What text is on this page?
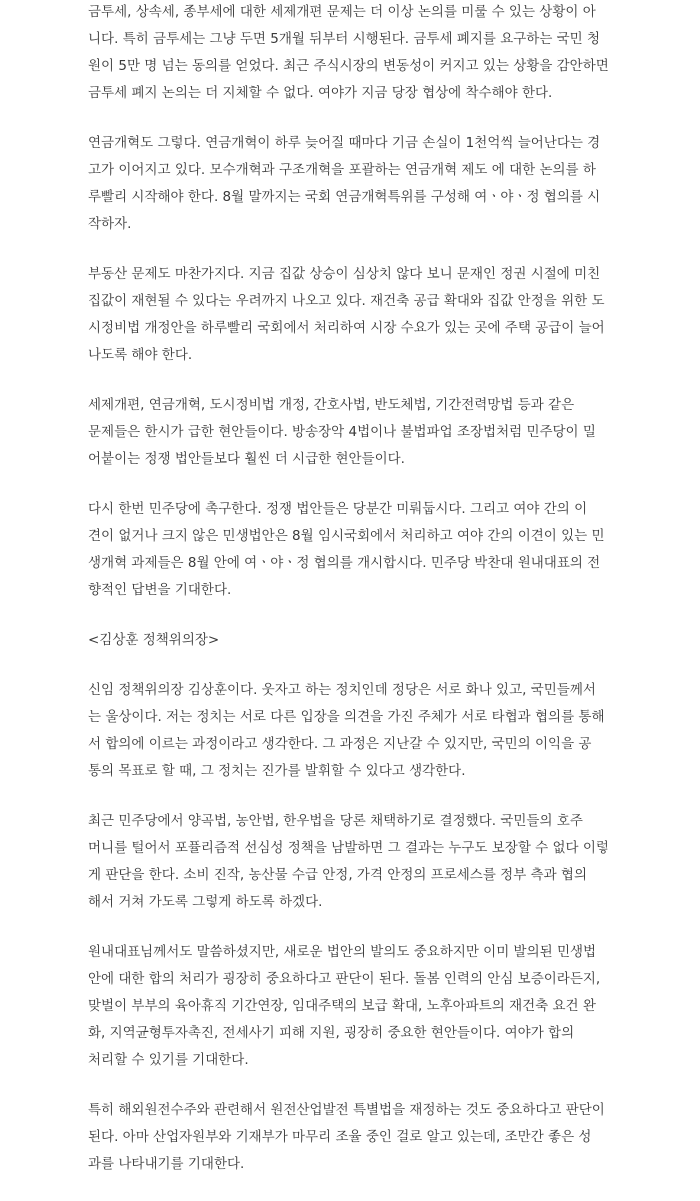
금투세, 상속세, 종부세에 대한 세제개편 문제는 더 이상 논의를 미룰 수 있는 상황이 아
니다. 특히 금투세는 그냥 두면 5개월 뒤부터 시행된다. 금투세 폐지를 요구하는 국민 청
원이 5만 명 넘는 동의를 얻었다. 최근 주식시장의 변동성이 커지고 있는 상황을 감안하면
금투세 폐지 논의는 더 지체할 수 없다. 여야가 지금 당장 협상에 착수해야 한다.

연금개혁도 그렇다. 연금개혁이 하루 늦어질 때마다 기금 손실이 1천억씩 늘어난다는 경
고가 이어지고 있다. 모수개혁과 구조개혁을 포괄하는 연금개혁 제도 에 대한 논의를 하
루빨리 시작해야 한다. 8월 말까지는 국회 연금개혁특위를 구성해 여ㆍ야ㆍ정 협의를 시
작하자.

부동산 문제도 마찬가지다. 지금 집값 상승이 심상치 않다 보니 문재인 정권 시절에 미친
집값이 재현될 수 있다는 우려까지 나오고 있다. 재건축 공급 확대와 집값 안정을 위한 도
시정비법 개정안을 하루빨리 국회에서 처리하여 시장 수요가 있는 곳에 주택 공급이 늘어
나도록 해야 한다.

세제개편, 연금개혁, 도시정비법 개정, 간호사법, 반도체법, 기간전력망법 등과 같은
문제들은 한시가 급한 현안들이다. 방송장악 4법이나 불법파업 조장법처럼 민주당이 밀
어붙이는 정쟁 법안들보다 훨씬 더 시급한 현안들이다.

다시 한번 민주당에 촉구한다. 정쟁 법안들은 당분간 미뤄둡시다. 그리고 여야 간의 이
견이 없거나 크지 않은 민생법안은 8월 임시국회에서 처리하고 여야 간의 이견이 있는 민
생개혁 과제들은 8월 안에 여ㆍ야ㆍ정 협의를 개시합시다. 민주당 박찬대 원내대표의 전
향적인 답변을 기대한다.

<김상훈 정책위의장>

신임 정책위의장 김상훈이다. 웃자고 하는 정치인데 정당은 서로 화나 있고, 국민들께서
는 울상이다. 저는 정치는 서로 다른 입장을 의견을 가진 주체가 서로 타협과 협의를 통해
서 합의에 이르는 과정이라고 생각한다. 그 과정은 지난갈 수 있지만, 국민의 이익을 공
통의 목표로 할 때, 그 정치는 진가를 발휘할 수 있다고 생각한다.

최근 민주당에서 양곡법, 농안법, 한우법을 당론 채택하기로 결정했다. 국민들의 호주
머니를 털어서 포퓰리즘적 선심성 정책을 남발하면 그 결과는 누구도 보장할 수 없다 이렇
게 판단을 한다. 소비 진작, 농산물 수급 안정, 가격 안정의 프로세스를 정부 측과 협의
해서 거쳐 가도록 그렇게 하도록 하겠다.

원내대표님께서도 말씀하셨지만, 새로운 법안의 발의도 중요하지만 이미 발의된 민생법
안에 대한 합의 처리가 굉장히 중요하다고 판단이 된다. 돌봄 인력의 안심 보증이라든지,
맞벌이 부부의 육아휴직 기간연장, 임대주택의 보급 확대, 노후아파트의 재건축 요건 완
화, 지역균형투자촉진, 전세사기 피해 지원, 굉장히 중요한 현안들이다. 여야가 합의
처리할 수 있기를 기대한다.

특히 해외원전수주와 관련해서 원전산업발전 특별법을 재정하는 것도 중요하다고 판단이
된다. 아마 산업자원부와 기재부가 마무리 조율 중인 걸로 알고 있는데, 조만간 좋은 성
과를 나타내기를 기대한다.
